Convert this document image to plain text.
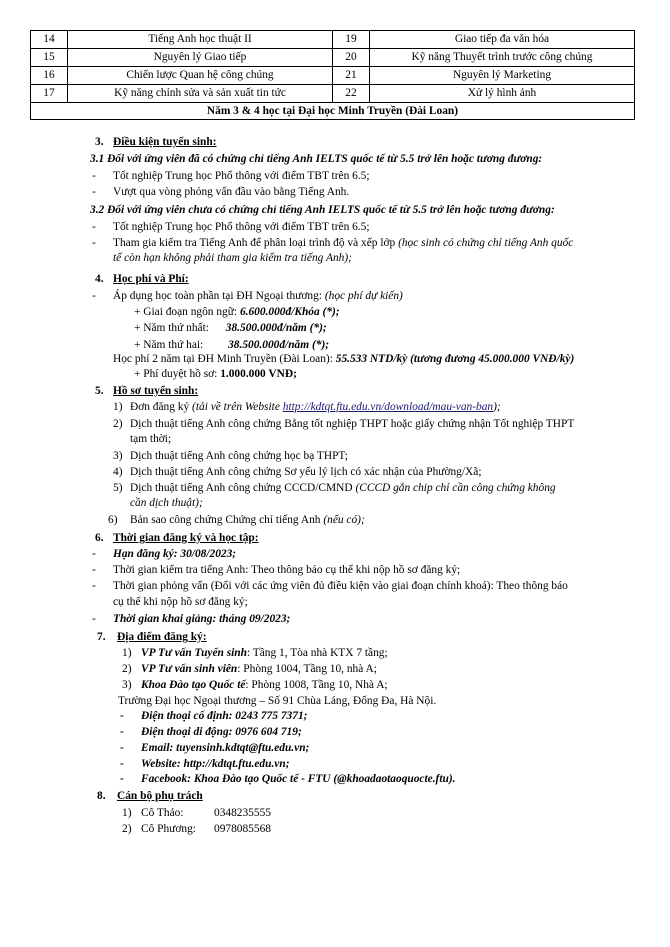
14	Tiếng Anh học thuật II	19	Giao tiếp đa văn hóa
15	Nguyên lý Giao tiếp	20	Kỹ năng Thuyết trình trước công chúng
16	Chiến lược Quan hệ công chúng	21	Nguyên lý Marketing
17	Kỹ năng chỉnh sửa và sản xuất tin tức	22	Xử lý hình ảnh
Năm 3 & 4 học tại Đại học Minh Truyền (Đài Loan)			
3. Điều kiện tuyển sinh:
3.1 Đối với ứng viên đã có chứng chỉ tiếng Anh IELTS quốc tế từ 5.5 trở lên hoặc tương đương:
- Tốt nghiệp Trung học Phổ thông với điểm TBT trên 6.5;
- Vượt qua vòng phỏng vấn đầu vào bằng Tiếng Anh.
3.2 Đối với ứng viên chưa có chứng chỉ tiếng Anh IELTS quốc tế từ 5.5 trở lên hoặc tương đương:
- Tốt nghiệp Trung học Phổ thông với điểm TBT trên 6.5;
- Tham gia kiểm tra Tiếng Anh để phân loại trình độ và xếp lớp (học sinh có chứng chỉ tiếng Anh quốc
tế còn hạn không phải tham gia kiểm tra tiếng Anh);
4. Học phí và Phí:
- Áp dụng học toàn phần tại ĐH Ngoại thương: (học phí dự kiến)
+ Giai đoạn ngôn ngữ: 6.600.000đ/Khóa (*);
+ Năm thứ nhất: 38.500.000đ/năm (*);
+ Năm thứ hai: 38.500.000đ/năm (*);
Học phí 2 năm tại ĐH Minh Truyền (Đài Loan): 55.533 NTD/kỳ (tương đương 45.000.000 VNĐ/kỳ)
+ Phí duyệt hồ sơ: 1.000.000 VNĐ;
5. Hồ sơ tuyển sinh:
1) Đơn đăng ký (tải về trên Website http://kdtqt.ftu.edu.vn/download/mau-van-ban);
2) Dịch thuật tiếng Anh công chứng Bằng tốt nghiệp THPT hoặc giấy chứng nhận Tốt nghiệp THPT
tạm thời;
3) Dịch thuật tiếng Anh công chứng học bạ THPT;
4) Dịch thuật tiếng Anh công chứng Sơ yếu lý lịch có xác nhận của Phường/Xã;
5) Dịch thuật tiếng Anh công chứng CCCD/CMND (CCCD gắn chip chỉ cần công chứng không
cần dịch thuật);
6) Bản sao công chứng Chứng chỉ tiếng Anh (nếu có);
6. Thời gian đăng ký và học tập:
- Hạn đăng ký: 30/08/2023;
- Thời gian kiểm tra tiếng Anh: Theo thông báo cụ thể khi nộp hồ sơ đăng ký;
- Thời gian phỏng vấn (Đối với các ứng viên đủ điều kiện vào giai đoạn chính khoá): Theo thông báo
cụ thể khi nộp hồ sơ đăng ký;
- Thời gian khai giảng: tháng 09/2023;
7. Địa điểm đăng ký:
1) VP Tư vấn Tuyển sinh: Tầng 1, Tòa nhà KTX 7 tầng;
2) VP Tư vấn sinh viên: Phòng 1004, Tầng 10, nhà A;
3) Khoa Đào tạo Quốc tế: Phòng 1008, Tầng 10, Nhà A;
Trường Đại học Ngoại thương – Số 91 Chùa Láng, Đống Đa, Hà Nội.
- Điện thoại cố định: 0243 775 7371;
- Điện thoại di động: 0976 604 719;
- Email: tuyensinh.kdtqt@ftu.edu.vn;
- Website: http://kdtqt.ftu.edu.vn;
- Facebook: Khoa Đào tạo Quốc tế - FTU (@khoadaotaoquocte.ftu).
8. Cán bộ phụ trách
1) Cô Thảo:	0348235555
2) Cô Phương: 0978085568
